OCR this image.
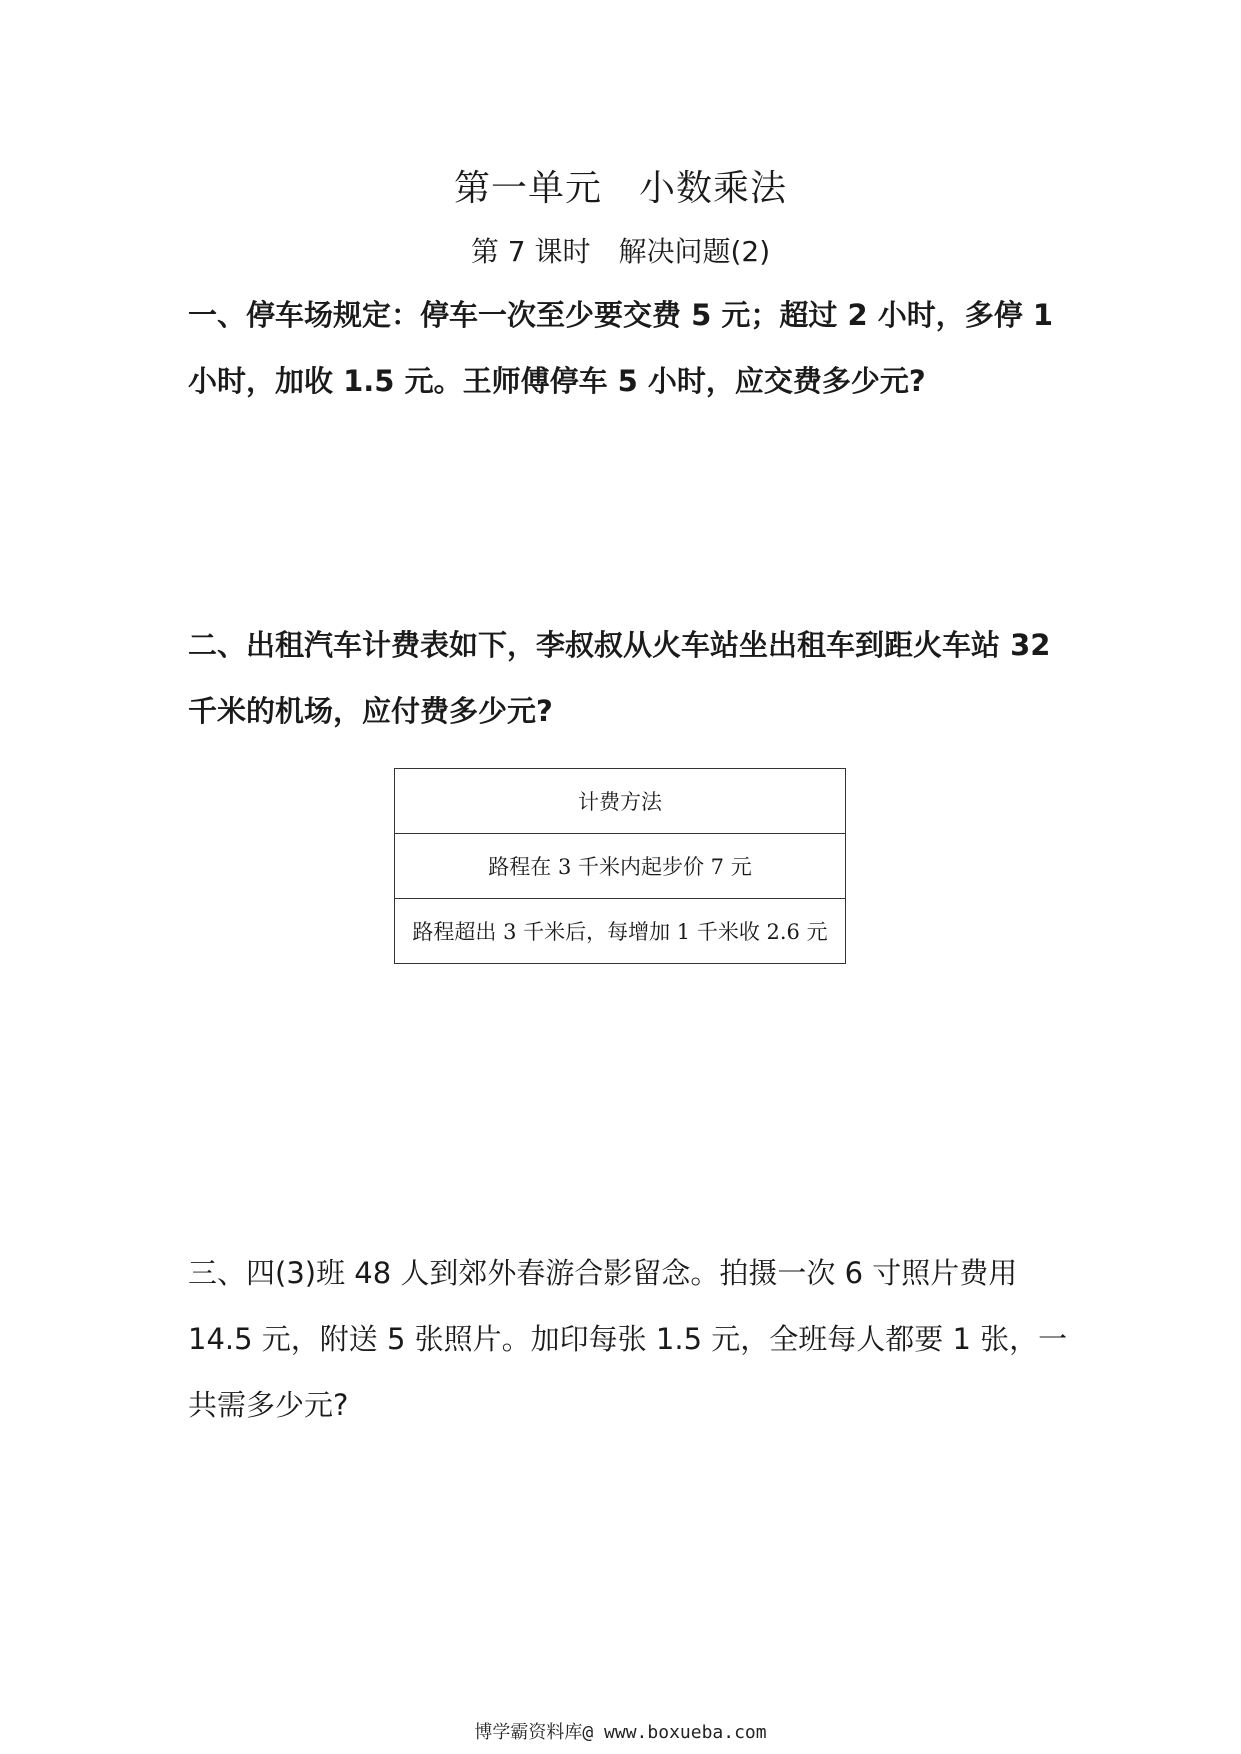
第一单元　小数乘法
第 7 课时　解决问题(2)

一、停车场规定：停车一次至少要交费 5 元；超过 2 小时，多停 1 小时，加收 1.5 元。王师傅停车 5 小时，应交费多少元?

二、出租汽车计费表如下，李叔叔从火车站坐出租车到距火车站 32 千米的机场，应付费多少元?

计费方法
路程在 3 千米内起步价 7 元
路程超出 3 千米后，每增加 1 千米收 2.6 元

三、四(3)班 48 人到郊外春游合影留念。拍摄一次 6 寸照片费用 14.5 元，附送 5 张照片。加印每张 1.5 元，全班每人都要 1 张，一共需多少元?

博学霸资料库@ www.boxueba.com
